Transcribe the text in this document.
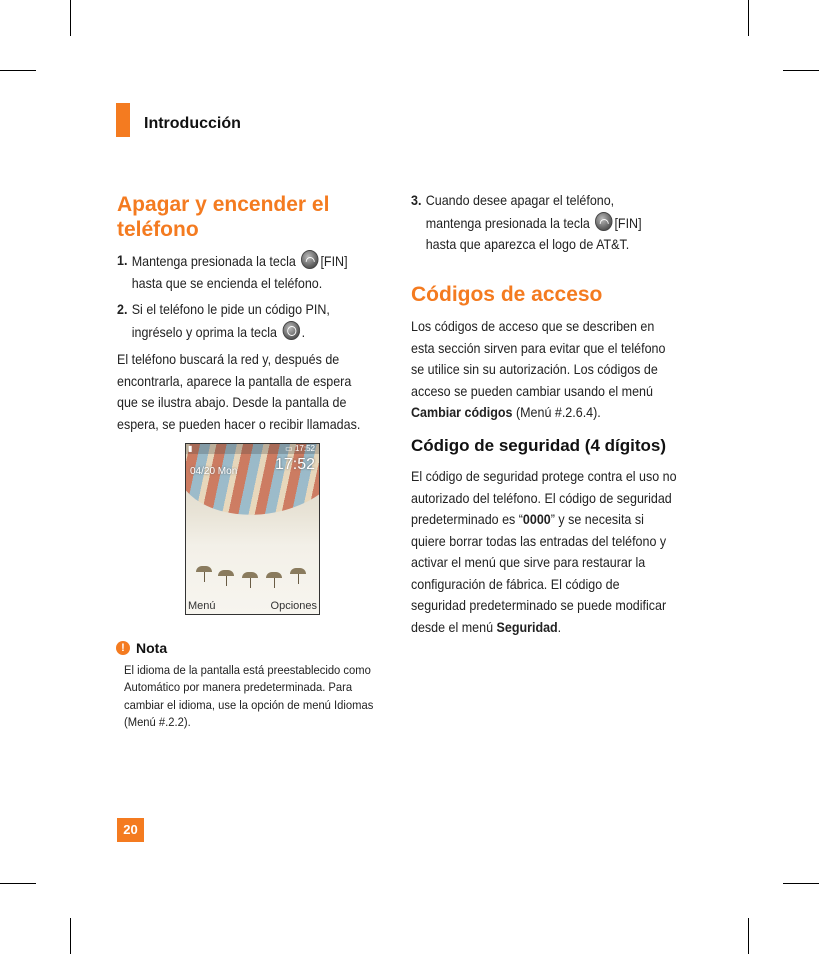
Introducción
Apagar y encender el teléfono
1. Mantenga presionada la tecla [FIN]
hasta que se encienda el teléfono.
2. Si el teléfono le pide un código PIN,
ingréselo y oprima la tecla .
El teléfono buscará la red y, después de encontrarla, aparece la pantalla de espera que se ilustra abajo. Desde la pantalla de espera, se pueden hacer o recibir llamadas.
▮	▭ 17:52
04/20 Mon 17:52
Menú	Opciones
! Nota
El idioma de la pantalla está preestablecido como Automático por manera predeterminada. Para cambiar el idioma, use la opción de menú Idiomas (Menú #.2.2).
3. Cuando desee apagar el teléfono,
mantenga presionada la tecla [FIN]
hasta que aparezca el logo de AT&T.
Códigos de acceso
Los códigos de acceso que se describen en esta sección sirven para evitar que el teléfono se utilice sin su autorización. Los códigos de acceso se pueden cambiar usando el menú Cambiar códigos (Menú #.2.6.4).
Código de seguridad (4 dígitos)
El código de seguridad protege contra el uso no autorizado del teléfono. El código de seguridad predeterminado es “0000” y se necesita si quiere borrar todas las entradas del teléfono y activar el menú que sirve para restaurar la configuración de fábrica. El código de seguridad predeterminado se puede modificar desde el menú Seguridad.
20
